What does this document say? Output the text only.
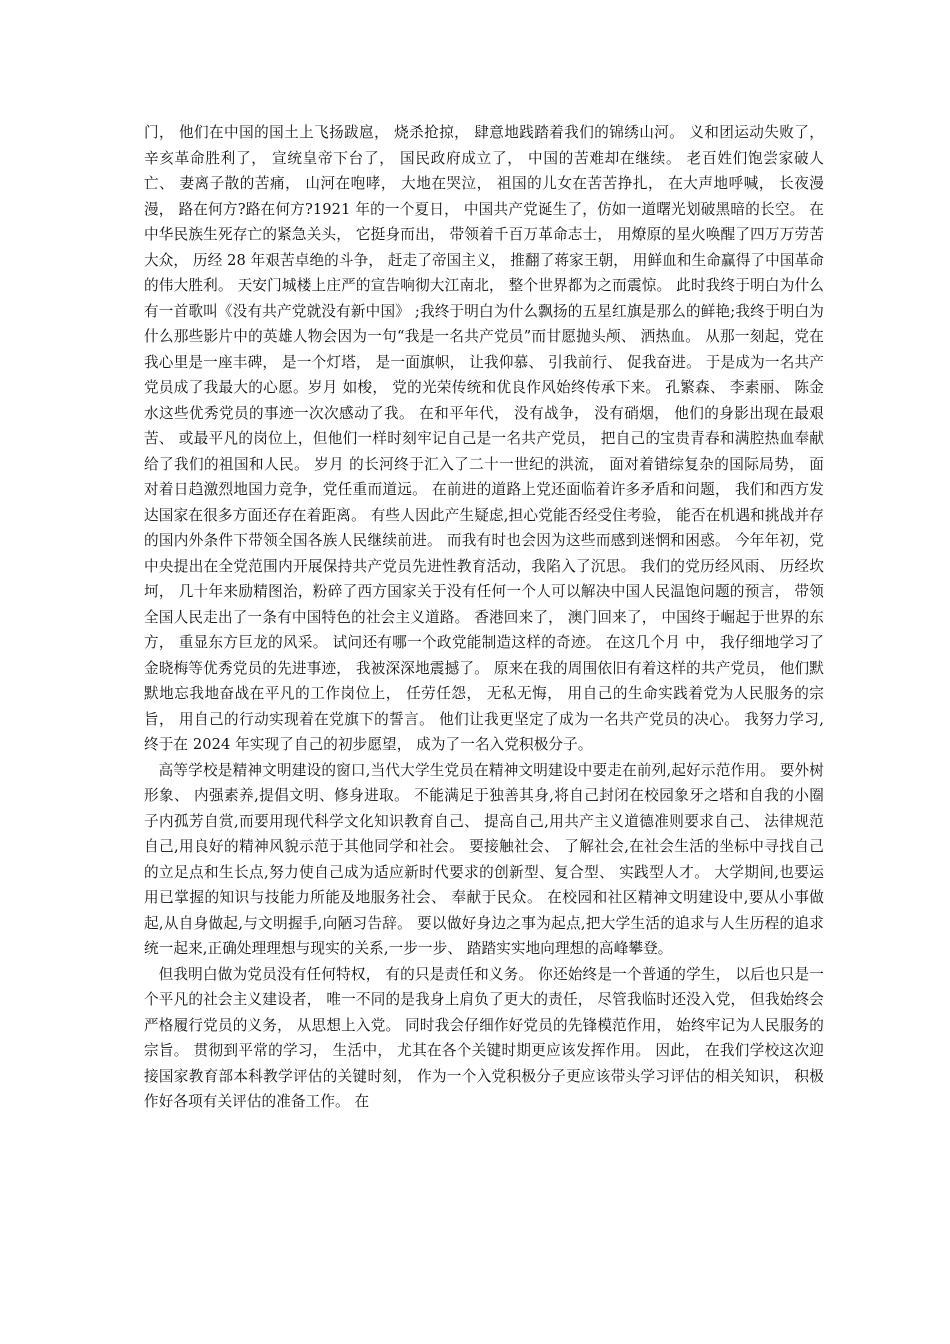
门， 他们在中国的国土上飞扬跋扈， 烧杀抢掠， 肆意地践踏着我们的锦绣山河。 义和团运动失败了， 辛亥革命胜利了， 宣统皇帝下台了， 国民政府成立了， 中国的苦难却在继续。 老百姓们饱尝家破人亡、 妻离子散的苦痛， 山河在咆哮， 大地在哭泣， 祖国的儿女在苦苦挣扎， 在大声地呼喊， 长夜漫漫， 路在何方?路在何方?1921 年的一个夏日， 中国共产党诞生了，仿如一道曙光划破黑暗的长空。 在中华民族生死存亡的紧急关头， 它挺身而出， 带领着千百万革命志士， 用燎原的星火唤醒了四万万劳苦大众， 历经 28 年艰苦卓绝的斗争， 赶走了帝国主义， 推翻了蒋家王朝， 用鲜血和生命赢得了中国革命的伟大胜利。 天安门城楼上庄严的宣告响彻大江南北， 整个世界都为之而震惊。 此时我终于明白为什么有一首歌叫《没有共产党就没有新中国》 ;我终于明白为什么飘扬的五星红旗是那么的鲜艳;我终于明白为什么那些影片中的英雄人物会因为一句“我是一名共产党员”而甘愿抛头颅、 洒热血。 从那一刻起，党在我心里是一座丰碑， 是一个灯塔， 是一面旗帜， 让我仰慕、 引我前行、 促我奋进。 于是成为一名共产党员成了我最大的心愿。岁月 如梭， 党的光荣传统和优良作风始终传承下来。 孔繁森、 李素丽、 陈金水这些优秀党员的事迹一次次感动了我。 在和平年代， 没有战争， 没有硝烟， 他们的身影出现在最艰苦、 或最平凡的岗位上，但他们一样时刻牢记自己是一名共产党员， 把自己的宝贵青春和满腔热血奉献给了我们的祖国和人民。 岁月 的长河终于汇入了二十一世纪的洪流， 面对着错综复杂的国际局势， 面对着日趋激烈地国力竞争，党任重而道远。 在前进的道路上党还面临着许多矛盾和问题， 我们和西方发达国家在很多方面还存在着距离。 有些人因此产生疑虑,担心党能否经受住考验， 能否在机遇和挑战并存的国内外条件下带领全国各族人民继续前进。 而我有时也会因为这些而感到迷惘和困惑。 今年年初，党中央提出在全党范围内开展保持共产党员先进性教育活动，我陷入了沉思。 我们的党历经风雨、 历经坎坷， 几十年来励精图治，粉碎了西方国家关于没有任何一个人可以解决中国人民温饱问题的预言， 带领全国人民走出了一条有中国特色的社会主义道路。 香港回来了， 澳门回来了， 中国终于崛起于世界的东方， 重显东方巨龙的风采。 试问还有哪一个政党能制造这样的奇迹。 在这几个月 中， 我仔细地学习了金晓梅等优秀党员的先进事迹， 我被深深地震撼了。 原来在我的周围依旧有着这样的共产党员， 他们默默地忘我地奋战在平凡的工作岗位上， 任劳任怨， 无私无悔， 用自己的生命实践着党为人民服务的宗旨， 用自己的行动实现着在党旗下的誓言。 他们让我更坚定了成为一名共产党员的决心。 我努力学习,终于在 2024 年实现了自己的初步愿望， 成为了一名入党积极分子。

高等学校是精神文明建设的窗口,当代大学生党员在精神文明建设中要走在前列,起好示范作用。 要外树形象、 内强素养,提倡文明、修身进取。 不能满足于独善其身,将自己封闭在校园象牙之塔和自我的小圈子内孤芳自赏,而要用现代科学文化知识教育自己、 提高自己,用共产主义道德准则要求自己、 法律规范自己,用良好的精神风貌示范于其他同学和社会。 要接触社会、 了解社会,在社会生活的坐标中寻找自己的立足点和生长点,努力使自己成为适应新时代要求的创新型、复合型、 实践型人才。 大学期间,也要运用已掌握的知识与技能力所能及地服务社会、 奉献于民众。 在校园和社区精神文明建设中,要从小事做起,从自身做起,与文明握手,向陋习告辞。 要以做好身边之事为起点,把大学生活的追求与人生历程的追求统一起来,正确处理理想与现实的关系,一步一步、 踏踏实实地向理想的高峰攀登。

但我明白做为党员没有任何特权， 有的只是责任和义务。 你还始终是一个普通的学生， 以后也只是一个平凡的社会主义建设者， 唯一不同的是我身上肩负了更大的责任， 尽管我临时还没入党， 但我始终会严格履行党员的义务， 从思想上入党。 同时我会仔细作好党员的先锋模范作用， 始终牢记为人民服务的宗旨。 贯彻到平常的学习， 生活中， 尤其在各个关键时期更应该发挥作用。 因此， 在我们学校这次迎接国家教育部本科教学评估的关键时刻， 作为一个入党积极分子更应该带头学习评估的相关知识， 积极作好各项有关评估的准备工作。 在
